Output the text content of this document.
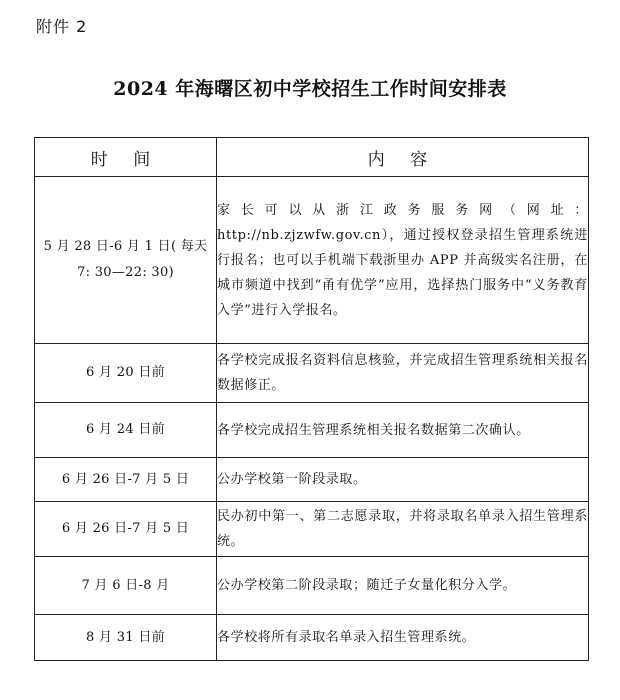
附件 2
2024 年海曙区初中学校招生工作时间安排表
时 间	内 容
5 月 28 日-6 月 1 日( 每天 7: 30—22: 30)	家长可以从浙江政务服务网（网址：http://nb.zjzwfw.gov.cn），通过授权登录招生管理系统进行报名；也可以手机端下载浙里办 APP 并高级实名注册，在城市频道中找到“甬有优学”应用，选择热门服务中“义务教育入学”进行入学报名。
6 月 20 日前	各学校完成报名资料信息核验，并完成招生管理系统相关报名数据修正。
6 月 24 日前	各学校完成招生管理系统相关报名数据第二次确认。
6 月 26 日-7 月 5 日	公办学校第一阶段录取。
6 月 26 日-7 月 5 日	民办初中第一、第二志愿录取，并将录取名单录入招生管理系统。
7 月 6 日-8 月	公办学校第二阶段录取；随迁子女量化积分入学。
8 月 31 日前	各学校将所有录取名单录入招生管理系统。
